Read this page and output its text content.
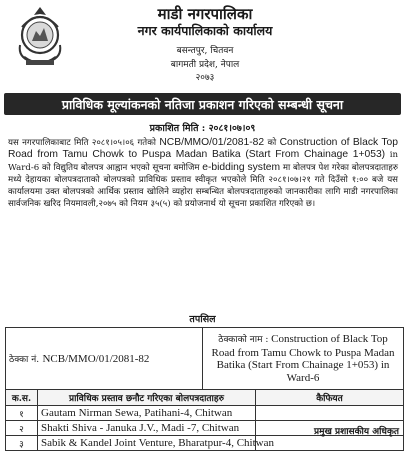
माडी नगरपालिका
नगर कार्यपालिकाको कार्यालय
बसन्तपुर, चितवन
बागमती प्रदेश, नेपाल
२०७३
प्राविधिक मूल्यांकनको नतिजा प्रकाशन गरिएको सम्बन्धी सूचना
प्रकाशित मिति : २०८१।०७।०९
यस नगरपालिकाबाट मिति २०८१।०५।०६ गतेको NCB/MMO/01/2081-82 को Construction of Black Top Road from Tamu Chowk to Puspa Madan Batika (Start From Chainage 1+053) in Ward-6 को विद्युतिय बोलपत्र आह्वान भएको सूचना बमोजिम e-bidding system मा बोलपत्र पेश गरेका बोलपत्रदाताहरु मध्ये देहायका बोलपत्रदाताको बोलपत्रको प्राविधिक प्रस्ताव स्वीकृत भएकोले मिति २०८१।०७।२१ गते दिउँसो १:०० बजे यस कार्यालयमा उक्त बोलपत्रको आर्थिक प्रस्ताव खोलिने व्यहोरा सम्बन्धित बोलपत्रदाताहरुको जानकारीका लागि माडी नगरपालिका सार्वजनिक खरिद नियमावली,२०७५ को नियम ३५(५) को प्रयोजनार्थ यो सूचना प्रकाशित गरिएको छ।
तपसिल
ठेक्का नं. NCB/MMO/01/2081-82		ठेक्काको नाम : Construction of Black Top Road from Tamu Chowk to Puspa Madan Batika (Start From Chainage 1+053) in Ward-6	
क.स.	प्राविधिक प्रस्ताव छनौट गरिएका बोलपत्रदाताहरु		कैफियत
१	Gautam Nirman Sewa, Patihani-4, Chitwan		
२	Shakti Shiva - Januka J.V., Madi -7, Chitwan		
३	Sabik & Kandel Joint Venture, Bharatpur-4, Chitwan		
प्रमुख प्रशासकीय अधिकृत
